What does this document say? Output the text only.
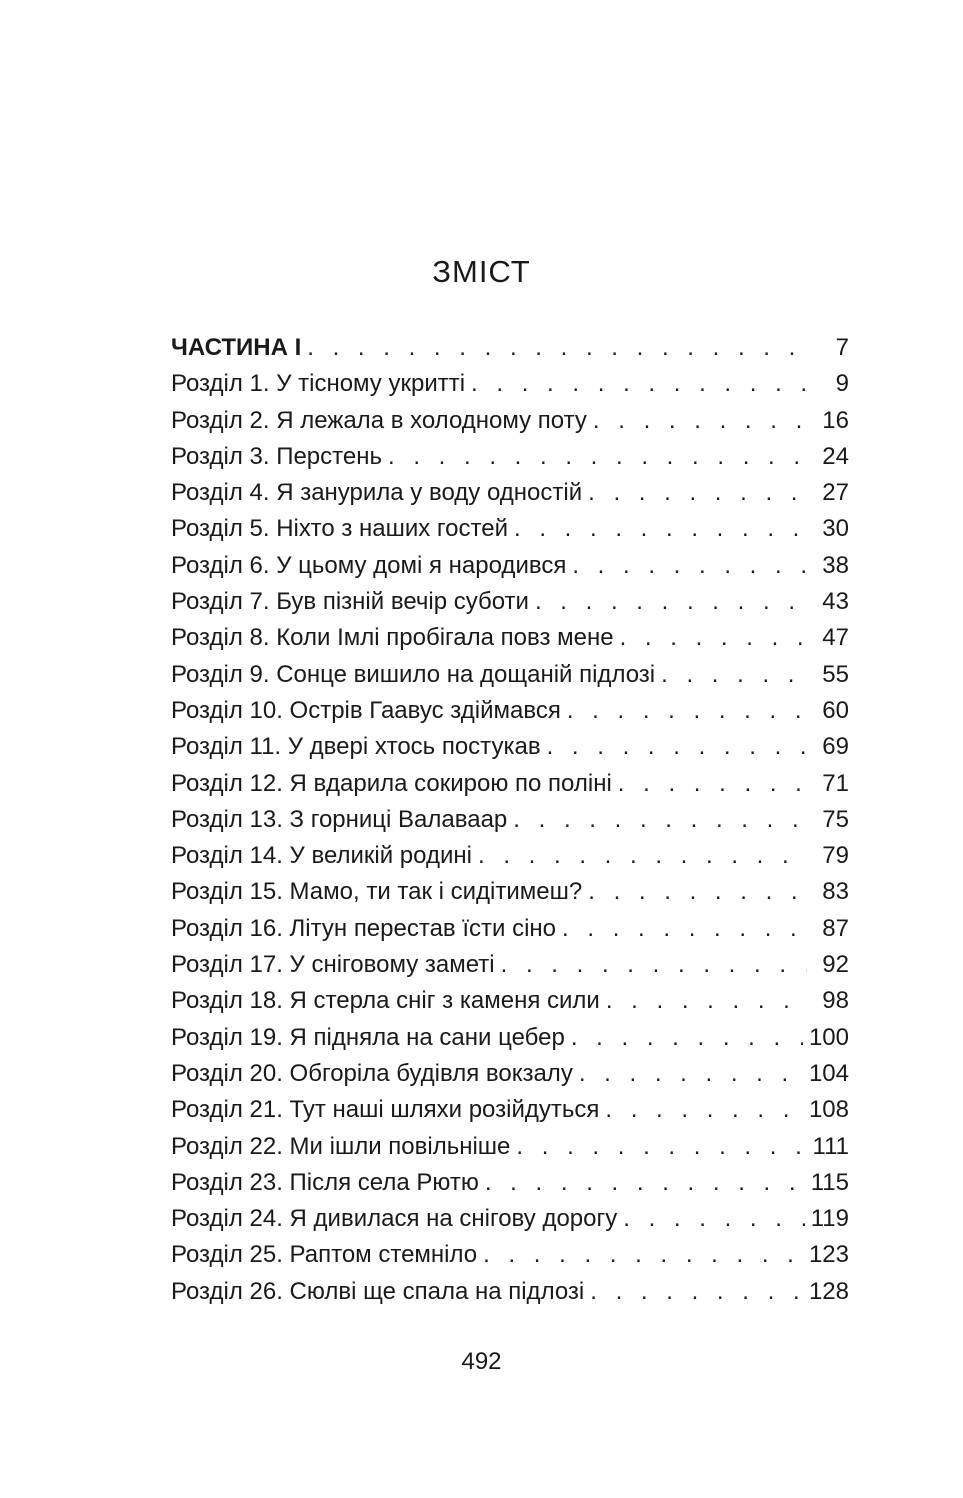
ЗМІСТ
ЧАСТИНА I . . .	7
Розділ 1. У тісному укритті . . .	9
Розділ 2. Я лежала в холодному поту . . .	16
Розділ 3. Перстень . . .	24
Розділ 4. Я занурила у воду одностій . . .	27
Розділ 5. Ніхто з наших гостей . . .	30
Розділ 6. У цьому домі я народився . . .	38
Розділ 7. Був пізній вечір суботи . . .	43
Розділ 8. Коли Імлі пробігала повз мене . . .	47
Розділ 9. Сонце вишило на дощаній підлозі . . .	55
Розділ 10. Острів Гаавус здіймався . . .	60
Розділ 11. У двері хтось постукав . . .	69
Розділ 12. Я вдарила сокирою по поліні . . .	71
Розділ 13. З горниці Валаваар . . .	75
Розділ 14. У великій родині . . .	79
Розділ 15. Мамо, ти так і сидітимеш? . . .	83
Розділ 16. Літун перестав їсти сіно . . .	87
Розділ 17. У сніговому заметі . . .	92
Розділ 18. Я стерла сніг з каменя сили . . .	98
Розділ 19. Я підняла на сани цебер . . .	100
Розділ 20. Обгоріла будівля вокзалу . . .	104
Розділ 21. Тут наші шляхи розійдуться . . .	108
Розділ 22. Ми ішли повільніше . . .	111
Розділ 23. Після села Рютю . . .	115
Розділ 24. Я дивилася на снігову дорогу . . .	119
Розділ 25. Раптом стемніло . . .	123
Розділ 26. Сюлві ще спала на підлозі . . .	128
492
